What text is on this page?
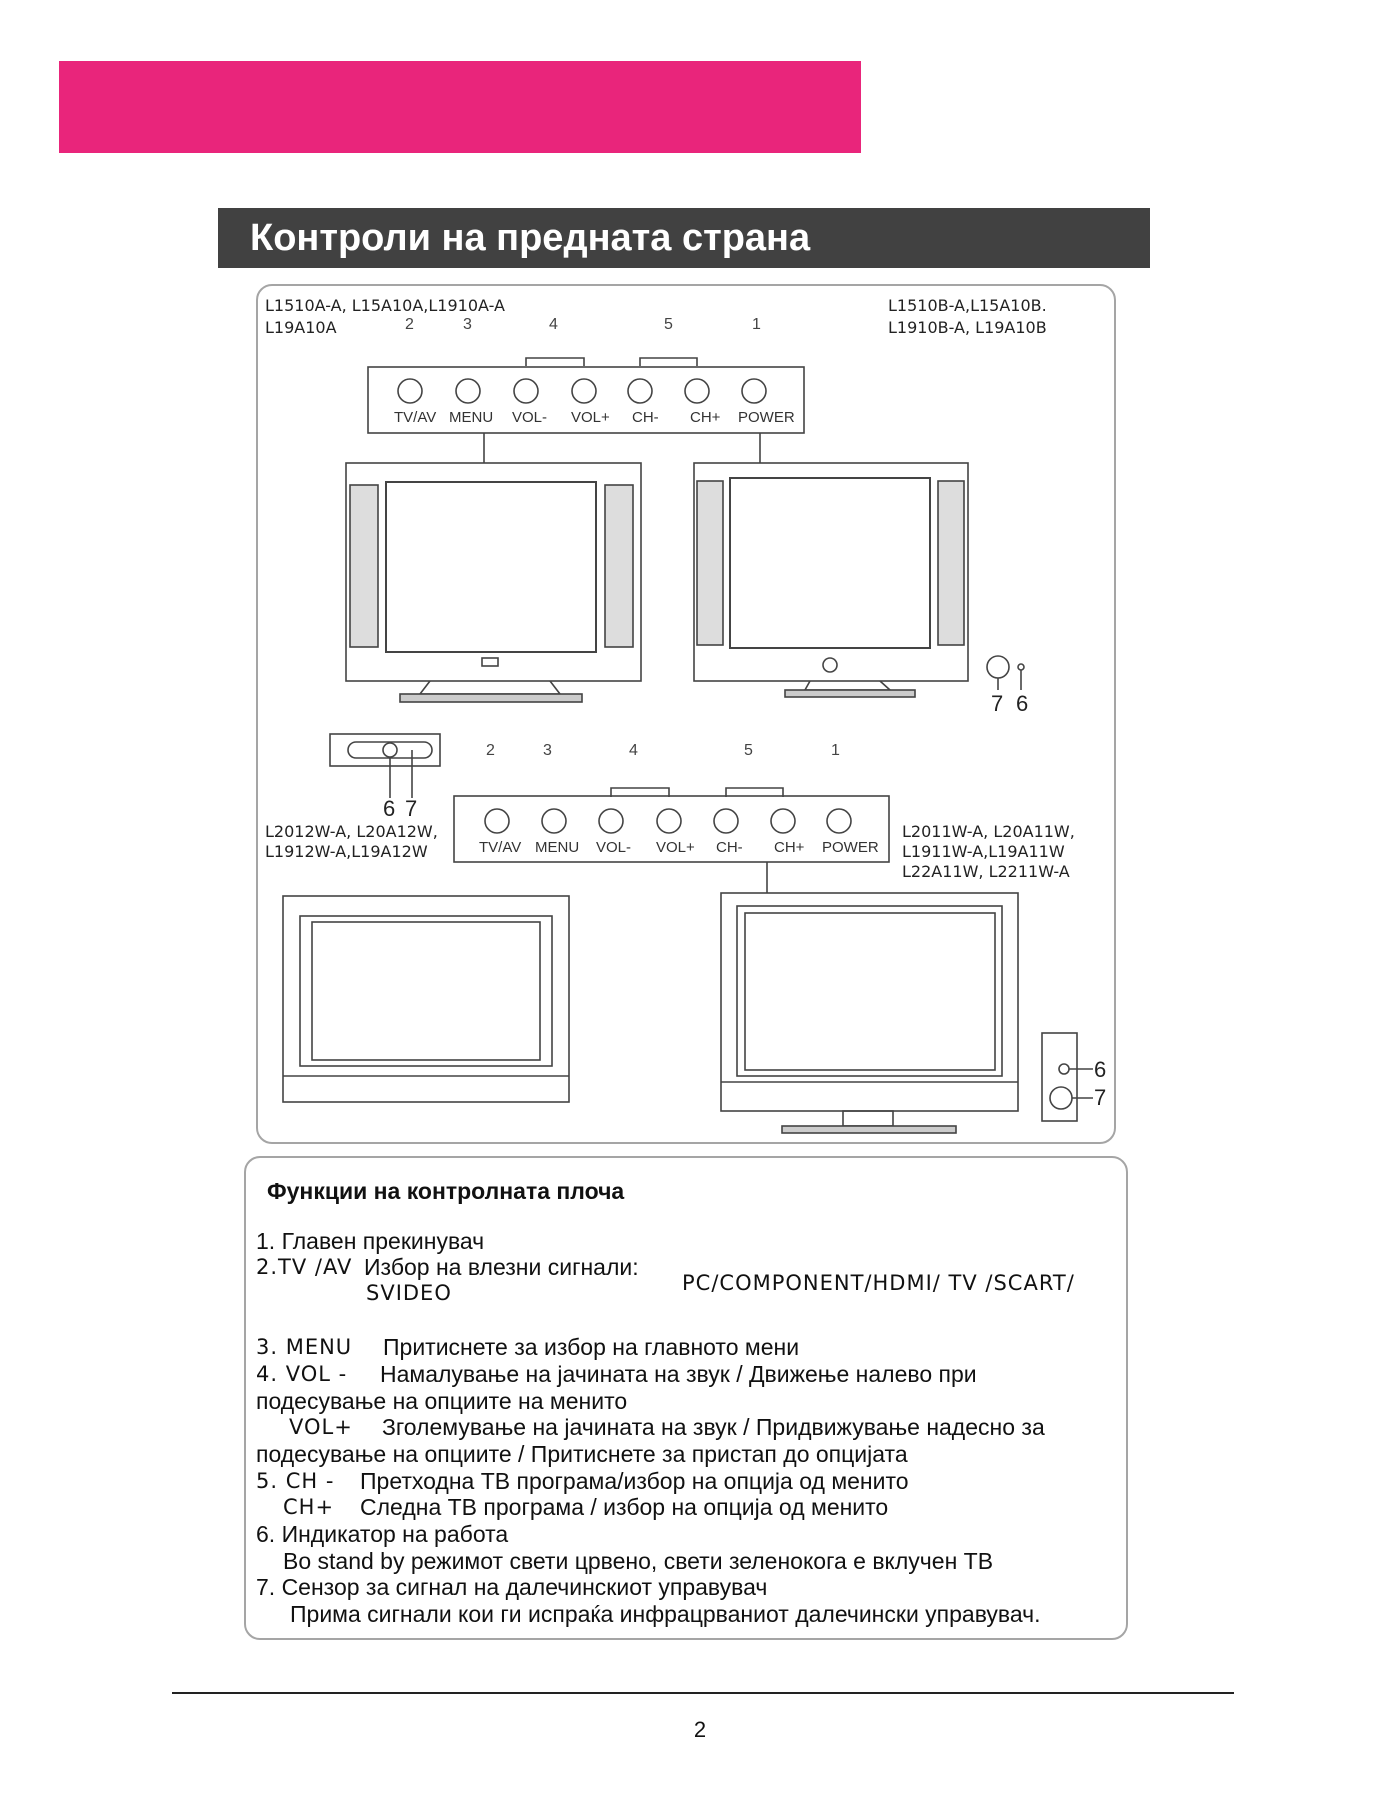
Контроли на предната страна
L1510A-A, L15A10A,L1910A-A
L19A10A
L1510B-A,L15A10B.
L1910B-A, L19A10B
L2012W-A, L20A12W,
L1912W-A,L19A12W
L2011W-A, L20A11W,
L1911W-A,L19A11W
L22A11W, L2211W-A
2	3	4	5	1
7 6
2	3	4	5	1
6 7
6
7
TV/AV MENU VOL- VOL+ CH- CH+ POWER
TV/AV MENU VOL- VOL+ CH- CH+ POWER
Функции на контролната плоча
1. Главен прекинувач
2.TV /AV Избор на влезни сигнали:
PC/COMPONENT/HDMI/ TV /SCART/
SVIDEO
3. MENU Притиснете за избор на главното мени
4. VOL - Намалување на јачината на звук / Движење налево при
подесување на опциите на менито
VOL+ Зголемување на јачината на звук / Придвижување надесно за
подесување на опциите / Притиснете за пристап до опцијата
5. CH - Претходна ТВ програма/избор на опција од менито
CH+ Следна ТВ програма / избор на опција од менито
6. Индикатор на работа
Во stand by режимот свети црвено, свети зеленокога е вклучен ТВ
7. Сензор за сигнал на далечинскиот управувач
Прима сигнали кои ги испраќа инфрацрваниот далечински управувач.
2
